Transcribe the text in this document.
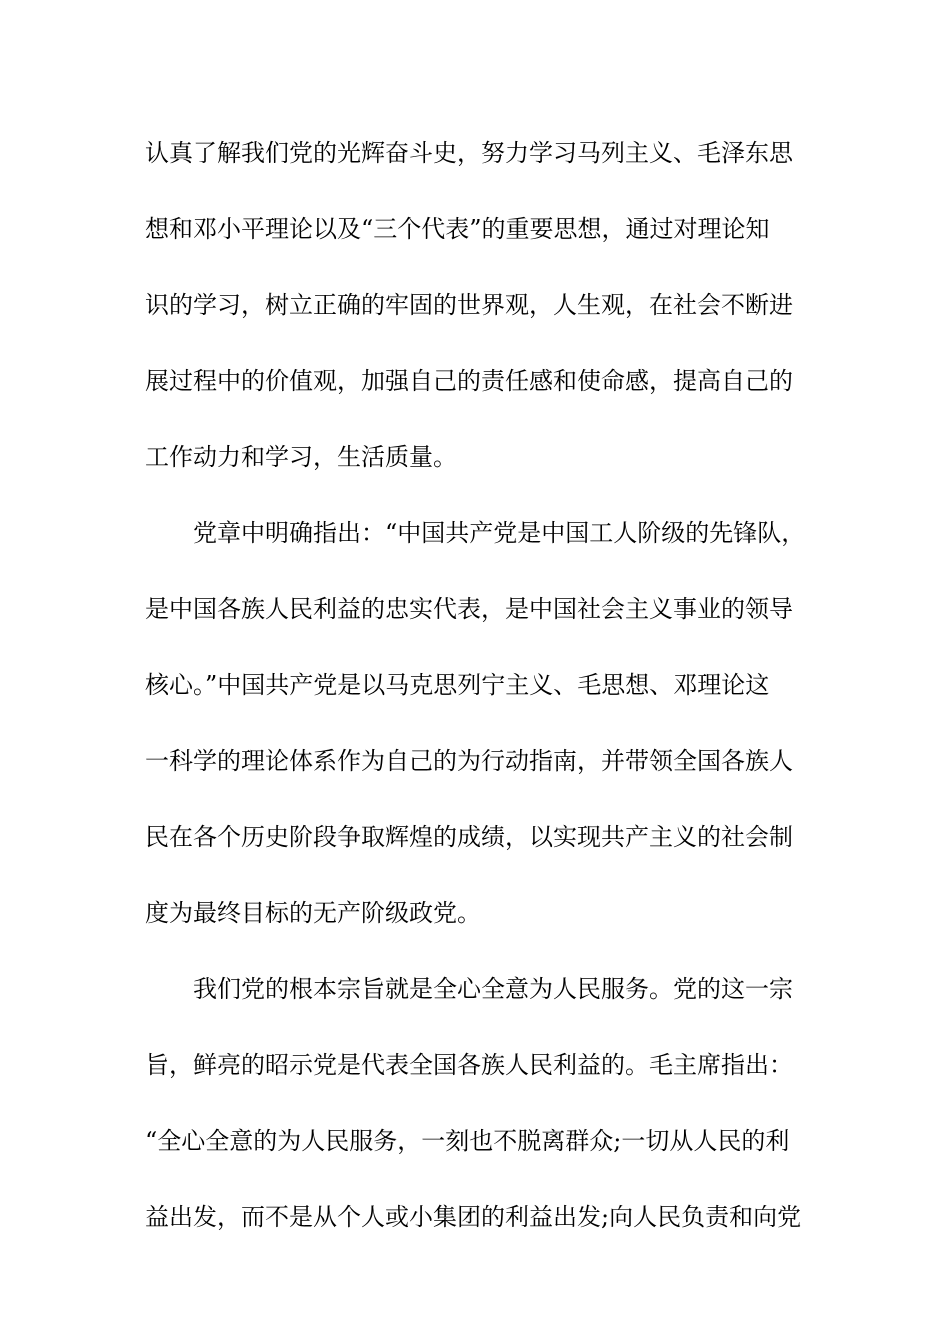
认真了解我们党的光辉奋斗史，努力学习马列主义、毛泽东思
想和邓小平理论以及“三个代表”的重要思想，通过对理论知
识的学习，树立正确的牢固的世界观，人生观，在社会不断进
展过程中的价值观，加强自己的责任感和使命感，提高自己的
工作动力和学习，生活质量。
党章中明确指出：“中国共产党是中国工人阶级的先锋队，
是中国各族人民利益的忠实代表，是中国社会主义事业的领导
核心。”中国共产党是以马克思列宁主义、毛思想、邓理论这
一科学的理论体系作为自己的为行动指南，并带领全国各族人
民在各个历史阶段争取辉煌的成绩，以实现共产主义的社会制
度为最终目标的无产阶级政党。
我们党的根本宗旨就是全心全意为人民服务。党的这一宗
旨，鲜亮的昭示党是代表全国各族人民利益的。毛主席指出：
“全心全意的为人民服务，一刻也不脱离群众;一切从人民的利
益出发，而不是从个人或小集团的利益出发;向人民负责和向党
